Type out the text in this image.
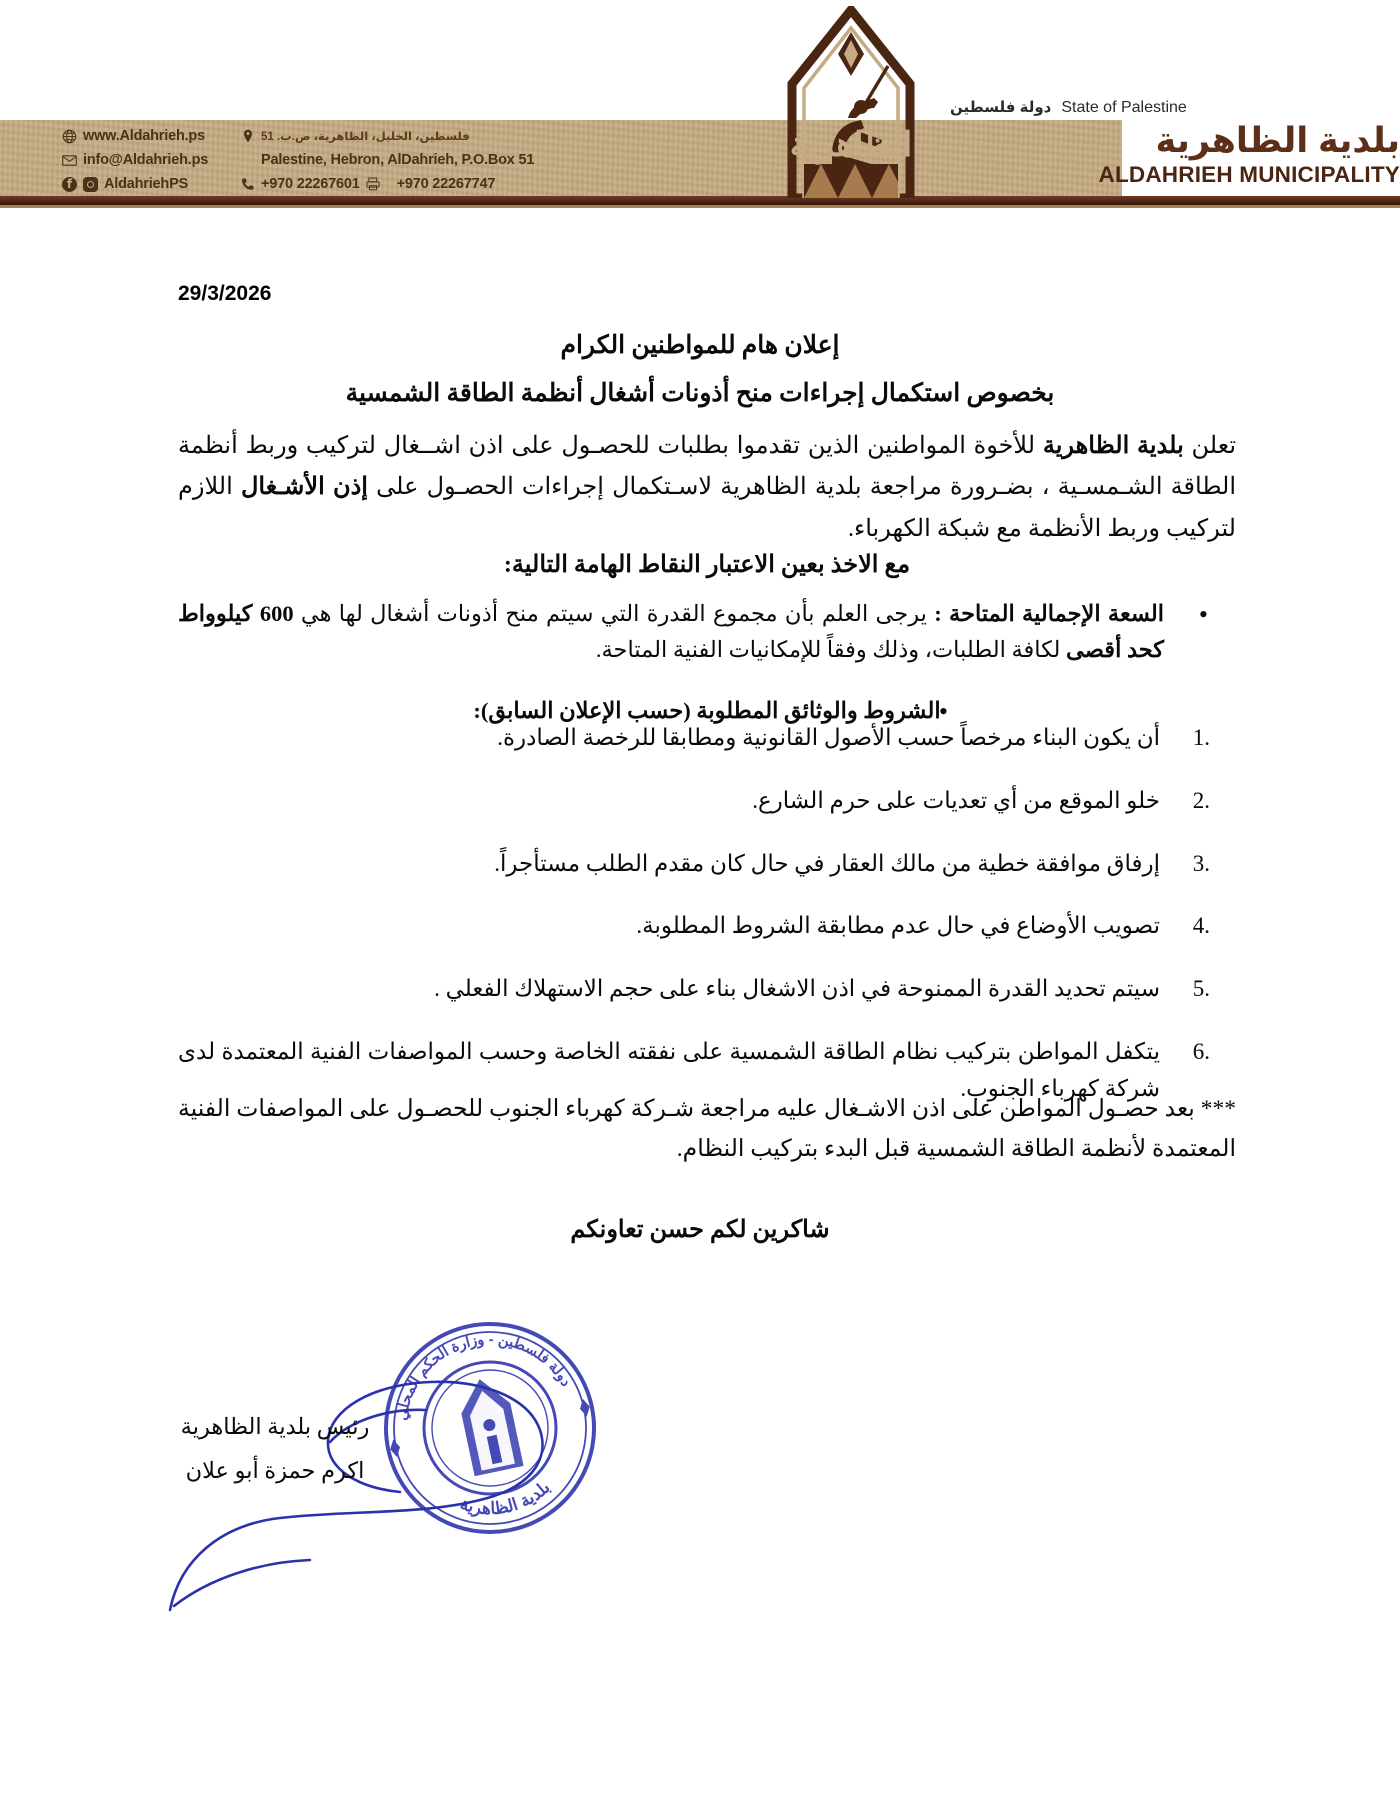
www.Aldahrieh.ps
info@Aldahrieh.ps
f	AldahriehPS
فلسطين، الخليل، الظاهرية، ص.ب. 51
Palestine, Hebron, AlDahrieh, P.O.Box 51
+970 22267601	+970 22267747
الظاهرية
State of Palestine
دولة فلسطين
بلدية الظاهرية
ALDAHRIEH MUNICIPALITY
29/3/2026
إعلان هام للمواطنين الكرام
بخصوص استكمال إجراءات منح أذونات أشغال أنظمة الطاقة الشمسية
تعلن بلدية الظاهرية للأخوة المواطنين الذين تقدموا بطلبات للحصـول على اذن اشــغال لتركيب وربط أنظمة الطاقة الشـمسـية ، بضـرورة مراجعة بلدية الظاهرية لاسـتكمال إجراءات الحصـول على إذن الأشـغال اللازم لتركيب وربط الأنظمة مع شبكة الكهرباء.
مع الاخذ بعين الاعتبار النقاط الهامة التالية:
• السعة الإجمالية المتاحة : يرجى العلم بأن مجموع القدرة التي سيتم منح أذونات أشغال لها هي 600 كيلوواط كحد أقصى لكافة الطلبات، وذلك وفقاً للإمكانيات الفنية المتاحة.
• الشروط والوثائق المطلوبة (حسب الإعلان السابق):
1.
أن يكون البناء مرخصاً حسب الأصول القانونية ومطابقا للرخصة الصادرة.
2.
خلو الموقع من أي تعديات على حرم الشارع.
3.
إرفاق موافقة خطية من مالك العقار في حال كان مقدم الطلب مستأجراً.
4.
تصويب الأوضاع في حال عدم مطابقة الشروط المطلوبة.
5.
سيتم تحديد القدرة الممنوحة في اذن الاشغال بناء على حجم الاستهلاك الفعلي .
6.
يتكفل المواطن بتركيب نظام الطاقة الشمسية على نفقته الخاصة وحسب المواصفات الفنية المعتمدة لدى شركة كهرباء الجنوب.
*** بعد حصـول المواطن على اذن الاشـغال عليه مراجعة شـركة كهرباء الجنوب للحصـول على المواصفات الفنية المعتمدة لأنظمة الطاقة الشمسية قبل البدء بتركيب النظام.
شاكرين لكم حسن تعاونكم
دولة فلسطين - وزارة الحكم المحلي
بلدية الظاهرية
رئيس بلدية الظاهرية
اكرم حمزة أبو علان
